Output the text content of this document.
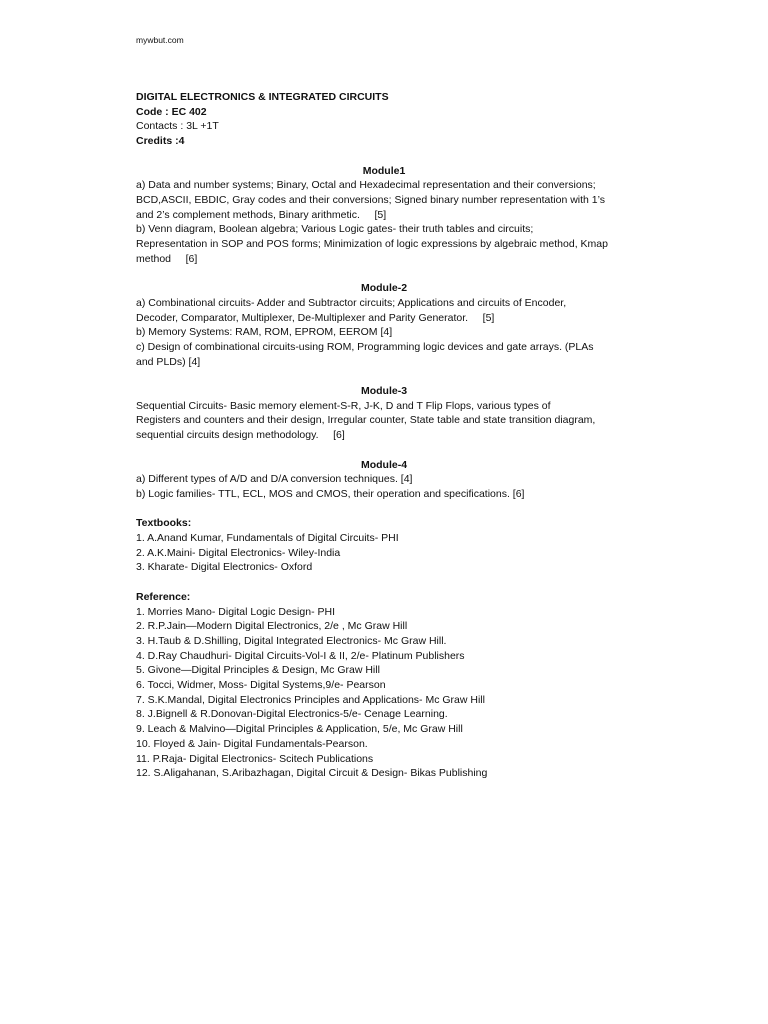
mywbut.com

DIGITAL ELECTRONICS & INTEGRATED CIRCUITS

Code : EC 402

Contacts : 3L +1T

Credits :4

Module1

a) Data and number systems; Binary, Octal and Hexadecimal representation and their conversions;

BCD,ASCII, EBDIC, Gray codes and their conversions; Signed binary number representation with 1’s

and 2’s complement methods, Binary arithmetic.     [5]

b) Venn diagram, Boolean algebra; Various Logic gates- their truth tables and circuits;

Representation in SOP and POS forms; Minimization of logic expressions by algebraic method, Kmap

method     [6]

Module-2

a) Combinational circuits- Adder and Subtractor circuits; Applications and circuits of Encoder,

Decoder, Comparator, Multiplexer, De-Multiplexer and Parity Generator.     [5]

b) Memory Systems: RAM, ROM, EPROM, EEROM [4]

c) Design of combinational circuits-using ROM, Programming logic devices and gate arrays. (PLAs

and PLDs) [4]

Module-3

Sequential Circuits- Basic memory element-S-R, J-K, D and T Flip Flops, various types of

Registers and counters and their design, Irregular counter, State table and state transition diagram,

sequential circuits design methodology.     [6]

Module-4

a) Different types of A/D and D/A conversion techniques. [4]

b) Logic families- TTL, ECL, MOS and CMOS, their operation and specifications. [6]

Textbooks:

1. A.Anand Kumar, Fundamentals of Digital Circuits- PHI

2. A.K.Maini- Digital Electronics- Wiley-India

3. Kharate- Digital Electronics- Oxford

Reference:

1. Morries Mano- Digital Logic Design- PHI

2. R.P.Jain—Modern Digital Electronics, 2/e , Mc Graw Hill

3. H.Taub & D.Shilling, Digital Integrated Electronics- Mc Graw Hill.

4. D.Ray Chaudhuri- Digital Circuits-Vol-I & II, 2/e- Platinum Publishers

5. Givone—Digital Principles & Design, Mc Graw Hill

6. Tocci, Widmer, Moss- Digital Systems,9/e- Pearson

7. S.K.Mandal, Digital Electronics Principles and Applications- Mc Graw Hill

8. J.Bignell & R.Donovan-Digital Electronics-5/e- Cenage Learning.

9. Leach & Malvino—Digital Principles & Application, 5/e, Mc Graw Hill

10. Floyed & Jain- Digital Fundamentals-Pearson.

11. P.Raja- Digital Electronics- Scitech Publications

12. S.Aligahanan, S.Aribazhagan, Digital Circuit & Design- Bikas Publishing
